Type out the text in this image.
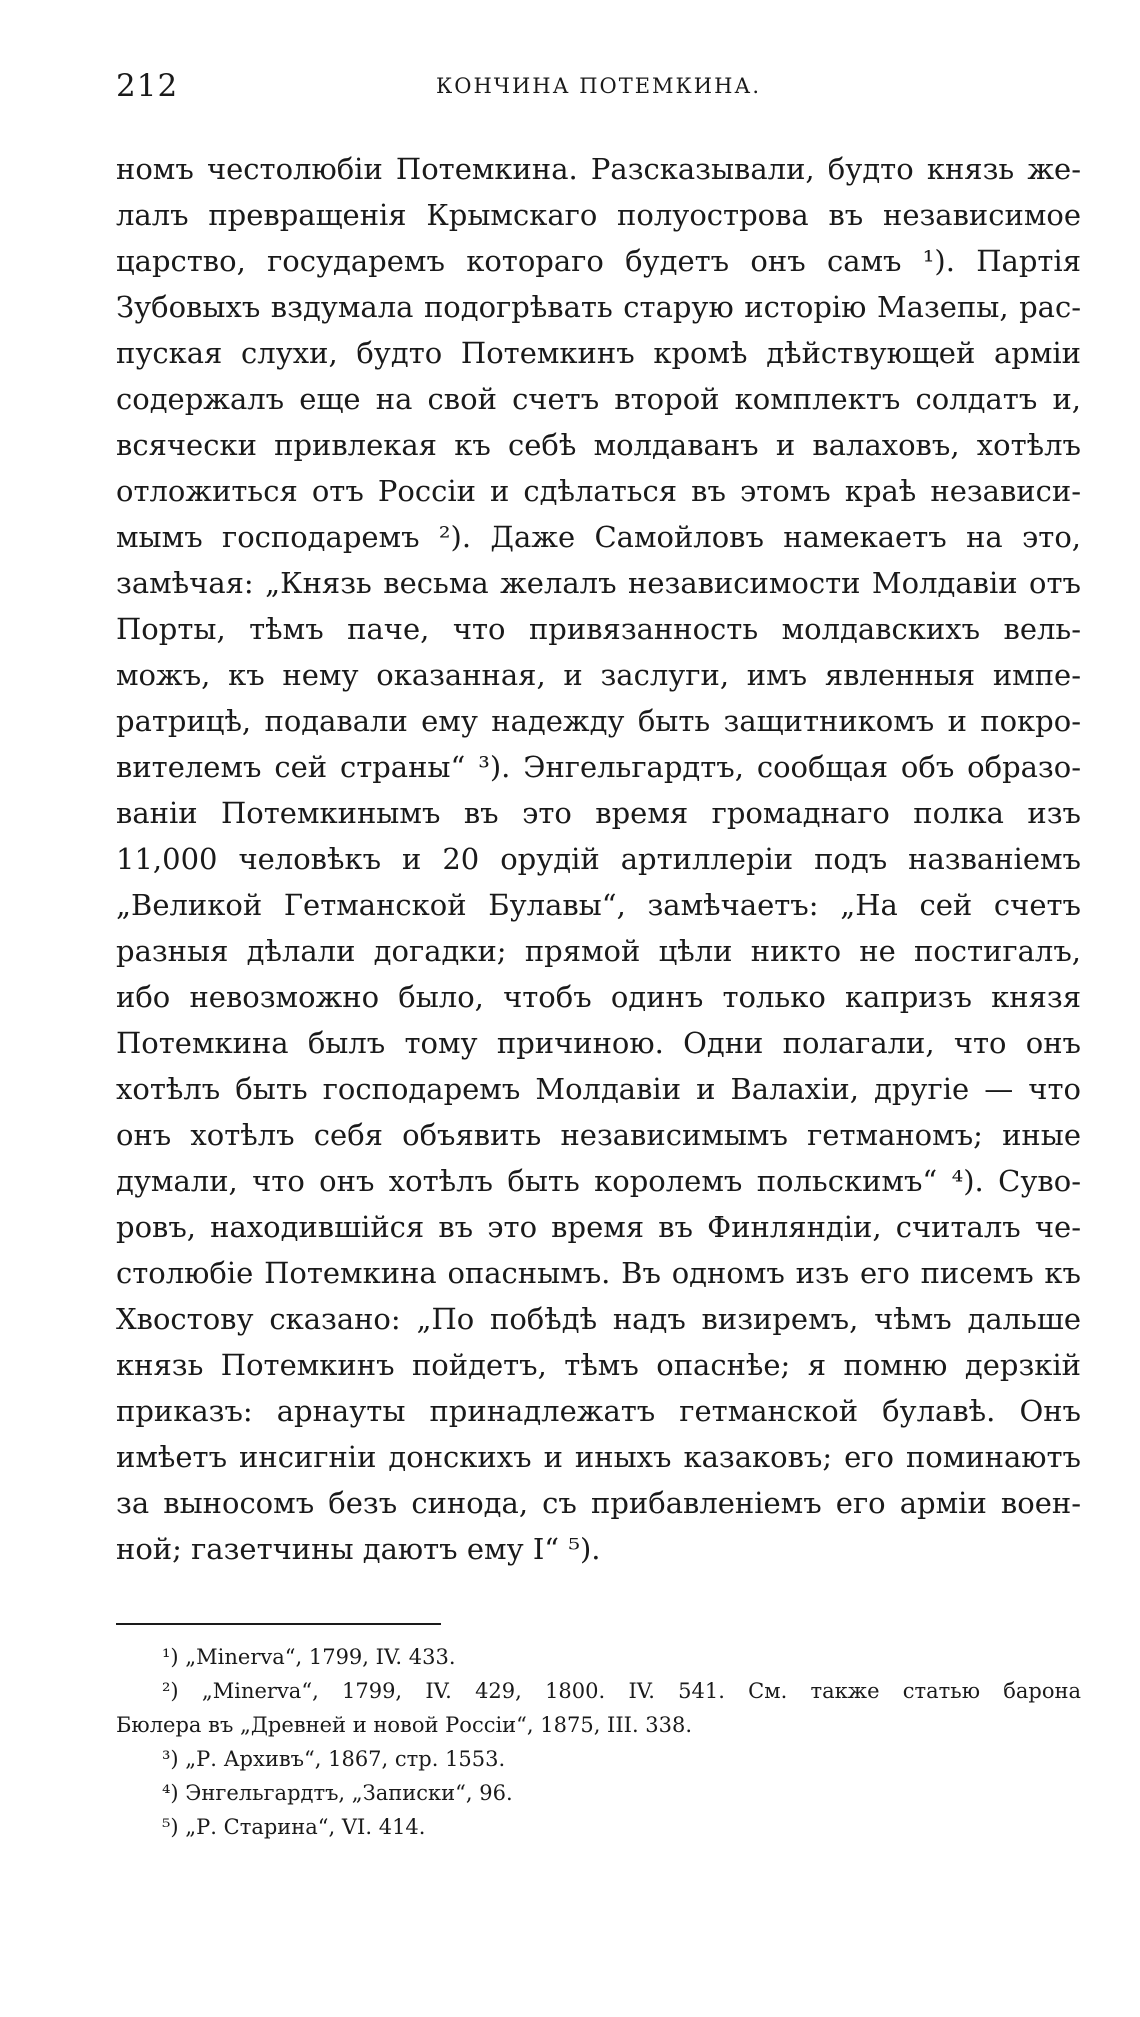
212	КОНЧИНА ПОТЕМКИНА.
номъ честолюбіи Потемкина. Разсказывали, будто князь же-
лалъ превращенія Крымскаго полуострова въ независимое
царство, государемъ котораго будетъ онъ самъ ¹). Партія
Зубовыхъ вздумала подогрѣвать старую исторію Мазепы, рас-
пуская слухи, будто Потемкинъ кромѣ дѣйствующей арміи
содержалъ еще на свой счетъ второй комплектъ солдатъ и,
всячески привлекая къ себѣ молдаванъ и валаховъ, хотѣлъ
отложиться отъ Россіи и сдѣлаться въ этомъ краѣ независи-
мымъ господаремъ ²). Даже Самойловъ намекаетъ на это,
замѣчая: „Князь весьма желалъ независимости Молдавіи отъ
Порты, тѣмъ паче, что привязанность молдавскихъ вель-
можъ, къ нему оказанная, и заслуги, имъ явленныя импе-
ратрицѣ, подавали ему надежду быть защитникомъ и покро-
вителемъ сей страны“ ³). Энгельгардтъ, сообщая объ образо-
ваніи Потемкинымъ въ это время громаднаго полка изъ
11,000 человѣкъ и 20 орудій артиллеріи подъ названіемъ
„Великой Гетманской Булавы“, замѣчаетъ: „На сей счетъ
разныя дѣлали догадки; прямой цѣли никто не постигалъ,
ибо невозможно было, чтобъ одинъ только капризъ князя
Потемкина былъ тому причиною. Одни полагали, что онъ
хотѣлъ быть господаремъ Молдавіи и Валахіи, другіе — что
онъ хотѣлъ себя объявить независимымъ гетманомъ; иные
думали, что онъ хотѣлъ быть королемъ польскимъ“ ⁴). Суво-
ровъ, находившійся въ это время въ Финляндіи, считалъ че-
столюбіе Потемкина опаснымъ. Въ одномъ изъ его писемъ къ
Хвостову сказано: „По побѣдѣ надъ визиремъ, чѣмъ дальше
князь Потемкинъ пойдетъ, тѣмъ опаснѣе; я помню дерзкій
приказъ: арнауты принадлежатъ гетманской булавѣ. Онъ
имѣетъ инсигніи донскихъ и иныхъ казаковъ; его поминаютъ
за выносомъ безъ синода, съ прибавленіемъ его арміи воен-
ной; газетчины даютъ ему I“ ⁵).
¹) „Minerva“, 1799, IV. 433.
²) „Minerva“, 1799, IV. 429, 1800. IV. 541. См. также статью барона
Бюлера въ „Древней и новой Россіи“, 1875, III. 338.
³) „Р. Архивъ“, 1867, стр. 1553.
⁴) Энгельгардтъ, „Записки“, 96.
⁵) „Р. Старина“, VI. 414.
